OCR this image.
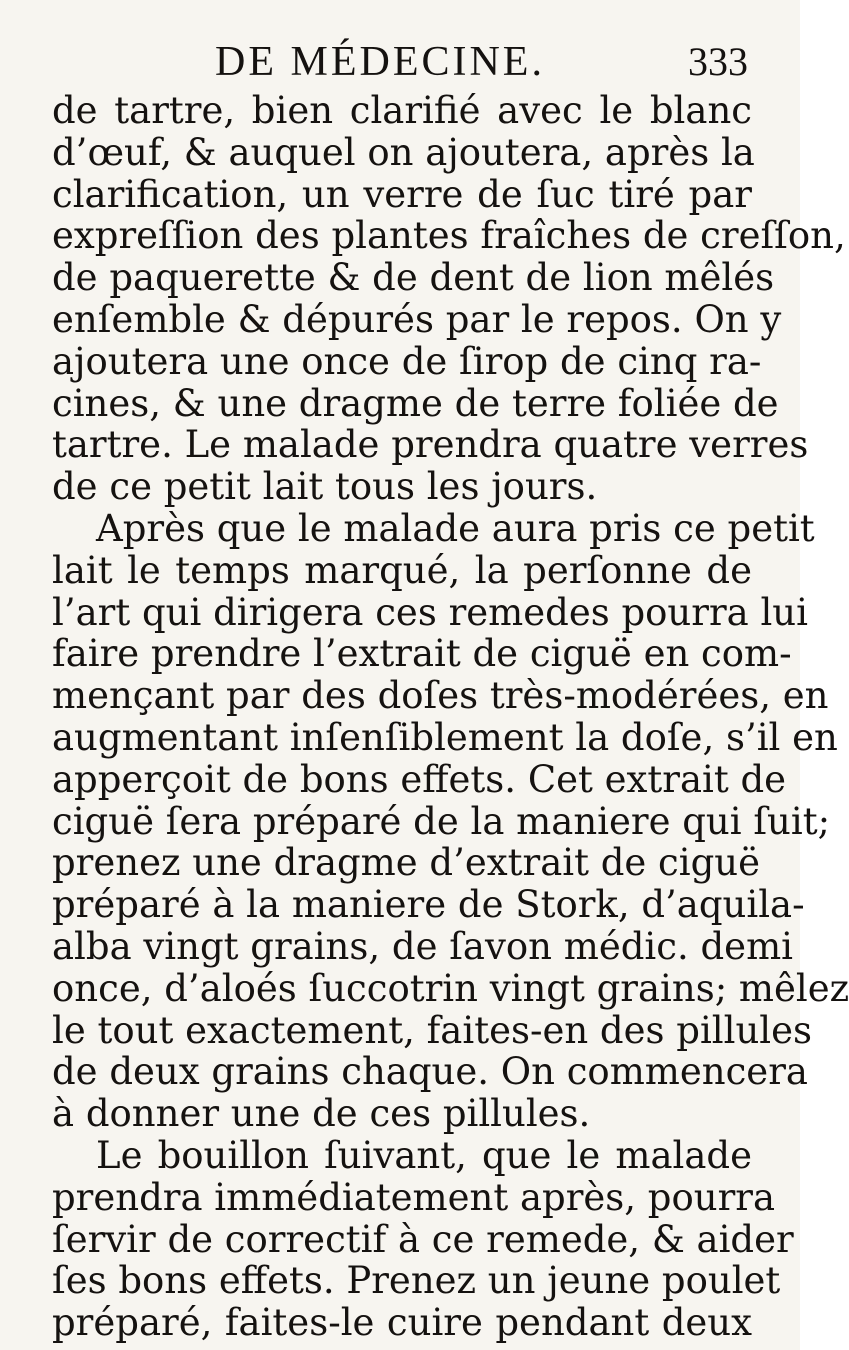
DE MÉDECINE.	333
de tartre, bien clarifié avec le blanc
d’œuf, & auquel on ajoutera, après la
clarification, un verre de ſuc tiré par
expreſſion des plantes fraîches de creſſon,
de paquerette & de dent de lion mêlés
enſemble & dépurés par le repos. On y
ajoutera une once de ſirop de cinq ra-
cines, & une dragme de terre foliée de
tartre. Le malade prendra quatre verres
de ce petit lait tous les jours.
Après que le malade aura pris ce petit
lait le temps marqué, la perſonne de
l’art qui dirigera ces remedes pourra lui
faire prendre l’extrait de ciguë en com-
mençant par des doſes très-modérées, en
augmentant inſenſiblement la doſe, s’il en
apperçoit de bons effets. Cet extrait de
ciguë ſera préparé de la maniere qui ſuit;
prenez une dragme d’extrait de ciguë
préparé à la maniere de Stork, d’aquila-
alba vingt grains, de ſavon médic. demi
once, d’aloés ſuccotrin vingt grains; mêlez
le tout exactement, faites-en des pillules
de deux grains chaque. On commencera
à donner une de ces pillules.
Le bouillon ſuivant, que le malade
prendra immédiatement après, pourra
ſervir de correctif à ce remede, & aider
ſes bons effets. Prenez un jeune poulet
préparé, faites-le cuire pendant deux
